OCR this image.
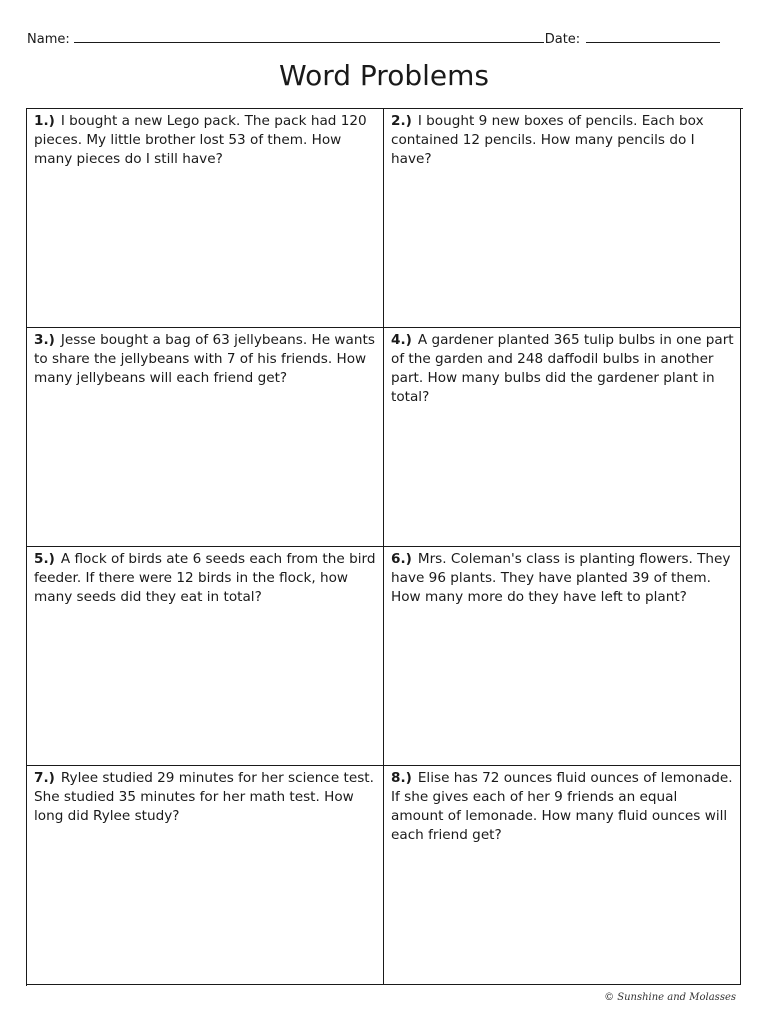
Name:	Date:
Word Problems
1.) I bought a new Lego pack. The pack had 120 pieces. My little brother lost 53 of them. How many pieces do I still have?
2.) I bought 9 new boxes of pencils. Each box contained 12 pencils. How many pencils do I have?
3.) Jesse bought a bag of 63 jellybeans. He wants to share the jellybeans with 7 of his friends. How many jellybeans will each friend get?
4.) A gardener planted 365 tulip bulbs in one part of the garden and 248 daffodil bulbs in another part. How many bulbs did the gardener plant in total?
5.) A flock of birds ate 6 seeds each from the bird feeder. If there were 12 birds in the flock, how many seeds did they eat in total?
6.) Mrs. Coleman's class is planting flowers. They have 96 plants. They have planted 39 of them. How many more do they have left to plant?
7.) Rylee studied 29 minutes for her science test. She studied 35 minutes for her math test. How long did Rylee study?
8.) Elise has 72 ounces fluid ounces of lemonade. If she gives each of her 9 friends an equal amount of lemonade. How many fluid ounces will each friend get?
© Sunshine and Molasses
